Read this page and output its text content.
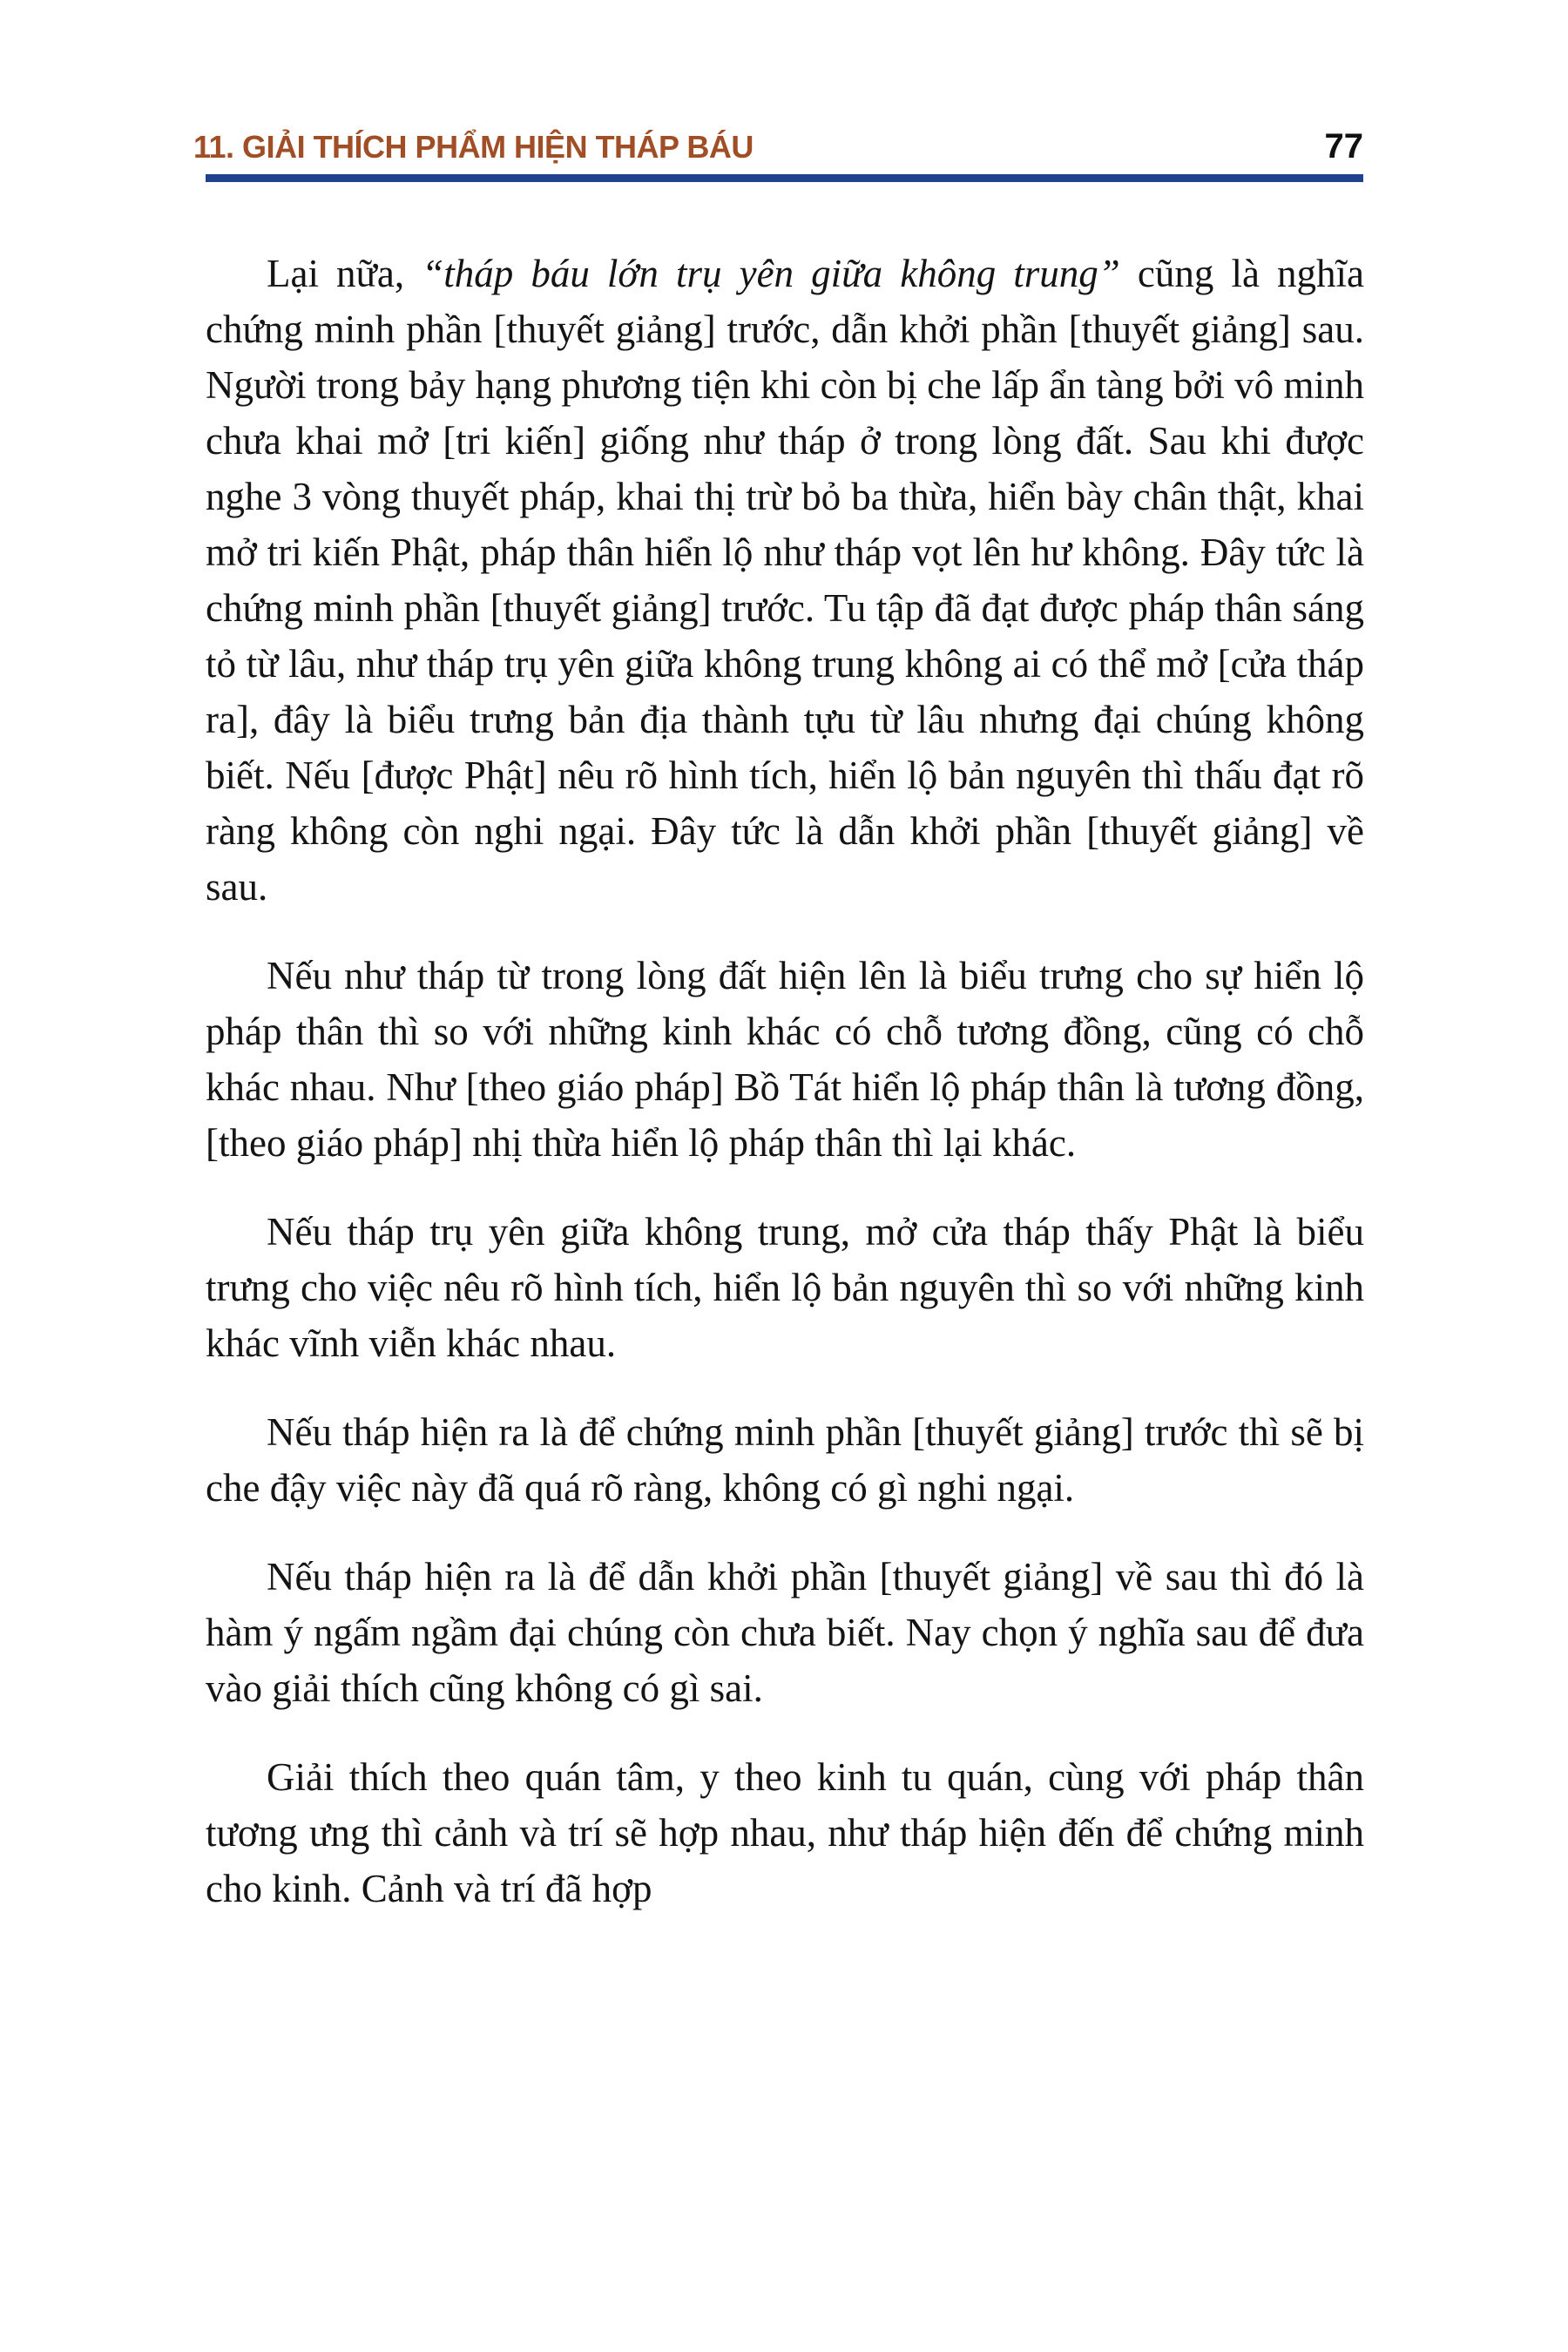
11. GIẢI THÍCH PHẨM HIỆN THÁP BÁU	77

Lại nữa, “tháp báu lớn trụ yên giữa không trung” cũng là nghĩa chứng minh phần [thuyết giảng] trước, dẫn khởi phần [thuyết giảng] sau. Người trong bảy hạng phương tiện khi còn bị che lấp ẩn tàng bởi vô minh chưa khai mở [tri kiến] giống như tháp ở trong lòng đất. Sau khi được nghe 3 vòng thuyết pháp, khai thị trừ bỏ ba thừa, hiển bày chân thật, khai mở tri kiến Phật, pháp thân hiển lộ như tháp vọt lên hư không. Đây tức là chứng minh phần [thuyết giảng] trước. Tu tập đã đạt được pháp thân sáng tỏ từ lâu, như tháp trụ yên giữa không trung không ai có thể mở [cửa tháp ra], đây là biểu trưng bản địa thành tựu từ lâu nhưng đại chúng không biết. Nếu [được Phật] nêu rõ hình tích, hiển lộ bản nguyên thì thấu đạt rõ ràng không còn nghi ngại. Đây tức là dẫn khởi phần [thuyết giảng] về sau.

Nếu như tháp từ trong lòng đất hiện lên là biểu trưng cho sự hiển lộ pháp thân thì so với những kinh khác có chỗ tương đồng, cũng có chỗ khác nhau. Như [theo giáo pháp] Bồ Tát hiển lộ pháp thân là tương đồng, [theo giáo pháp] nhị thừa hiển lộ pháp thân thì lại khác.

Nếu tháp trụ yên giữa không trung, mở cửa tháp thấy Phật là biểu trưng cho việc nêu rõ hình tích, hiển lộ bản nguyên thì so với những kinh khác vĩnh viễn khác nhau.

Nếu tháp hiện ra là để chứng minh phần [thuyết giảng] trước thì sẽ bị che đậy việc này đã quá rõ ràng, không có gì nghi ngại.

Nếu tháp hiện ra là để dẫn khởi phần [thuyết giảng] về sau thì đó là hàm ý ngấm ngầm đại chúng còn chưa biết. Nay chọn ý nghĩa sau để đưa vào giải thích cũng không có gì sai.

Giải thích theo quán tâm, y theo kinh tu quán, cùng với pháp thân tương ưng thì cảnh và trí sẽ hợp nhau, như tháp hiện đến để chứng minh cho kinh. Cảnh và trí đã hợp
